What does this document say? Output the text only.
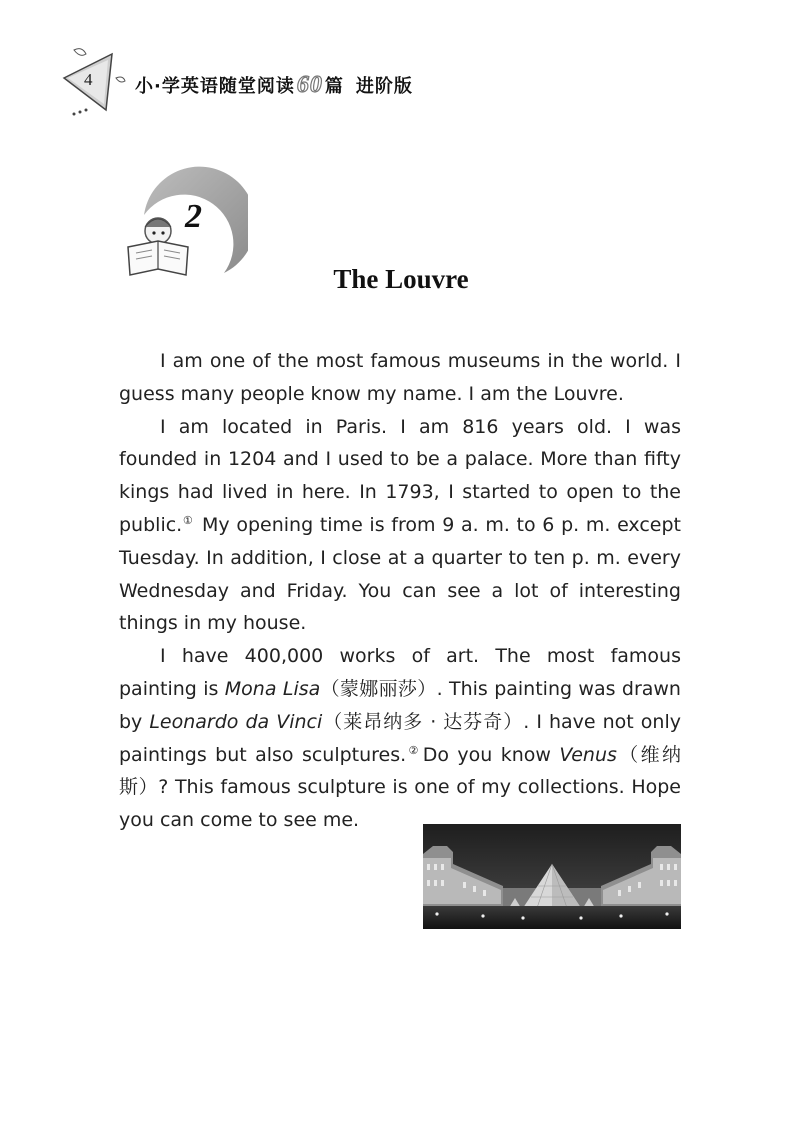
4 小·学英语随堂阅读60 篇 进阶版
2
The Louvre

I am one of the most famous museums in the world. I guess many people know my name. I am the Louvre.

I am located in Paris. I am 816 years old. I was founded in 1204 and I used to be a palace. More than fifty kings had lived in here. In 1793, I started to open to the public.① My opening time is from 9 a. m. to 6 p. m. except Tuesday. In addition, I close at a quarter to ten p. m. every Wednesday and Friday. You can see a lot of interesting things in my house.

I have 400,000 works of art. The most famous painting is Mona Lisa（蒙娜丽莎）. This painting was drawn by Leonardo da Vinci（莱昂纳多 · 达芬奇）. I have not only paintings but also sculptures.② Do you know Venus（维纳斯）? This famous sculpture is one of my collections. Hope you can come to see me.
